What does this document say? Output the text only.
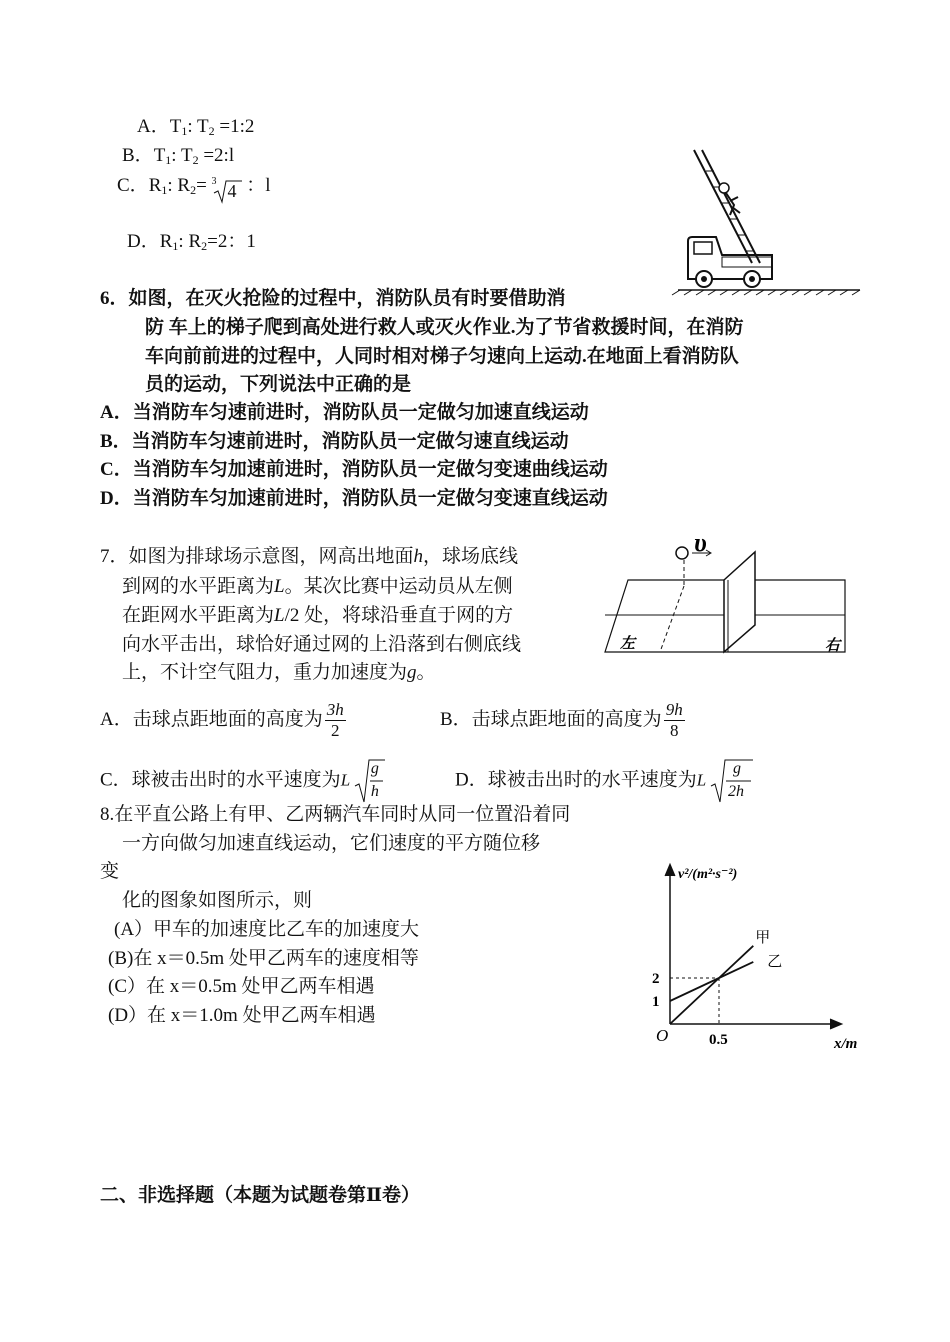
A．$T_1$: $T_2$ =1:2
B．$T_1$: $T_2$ =2:l
C．$R_1$: $R_2= 3$ 4 ：l
D．$R_1$: $R_2=2$：1
6．如图，在灭火抢险的过程中，消防队员有时要借助消
防 车上的梯子爬到高处进行救人或灭火作业.为了节省救援时间，在消防
车向前前进的过程中，人同时相对梯子匀速向上运动.在地面上看消防队
员的运动，下列说法中正确的是
A．当消防车匀速前进时，消防队员一定做匀加速直线运动
B．当消防车匀速前进时，消防队员一定做匀速直线运动
C．当消防车匀加速前进时，消防队员一定做匀变速曲线运动
D．当消防车匀加速前进时，消防队员一定做匀变速直线运动
7．如图为排球场示意图，网高出地面h，球场底线
到网的水平距离为L。某次比赛中运动员从左侧
在距网水平距离为L/2 处，将球沿垂直于网的方
向水平击出，球恰好通过网的上沿落到右侧底线
上，不计空气阻力，重力加速度为g。
υ
左	右
A．击球点距地面的高度为 $\frac{3h}{2}$	B．击球点距地面的高度为 $\frac{9h}{8}$
C．球被击出时的水平速度为L
g
h
D．球被击出时的水平速度为L
g
2h
8.在平直公路上有甲、乙两辆汽车同时从同一位置沿着同
一方向做匀加速直线运动，它们速度的平方随位移
变
化的图象如图所示，则
(A）甲车的加速度比乙车的加速度大
(B)在 x＝0.5m 处甲乙两车的速度相等
(C）在 x＝0.5m 处甲乙两车相遇
(D）在 x＝1.0m 处甲乙两车相遇
v²/(m²·s⁻²)
x/m
O	0.5
1
2
甲
乙
二、非选择题（本题为试题卷第Ⅱ卷）
